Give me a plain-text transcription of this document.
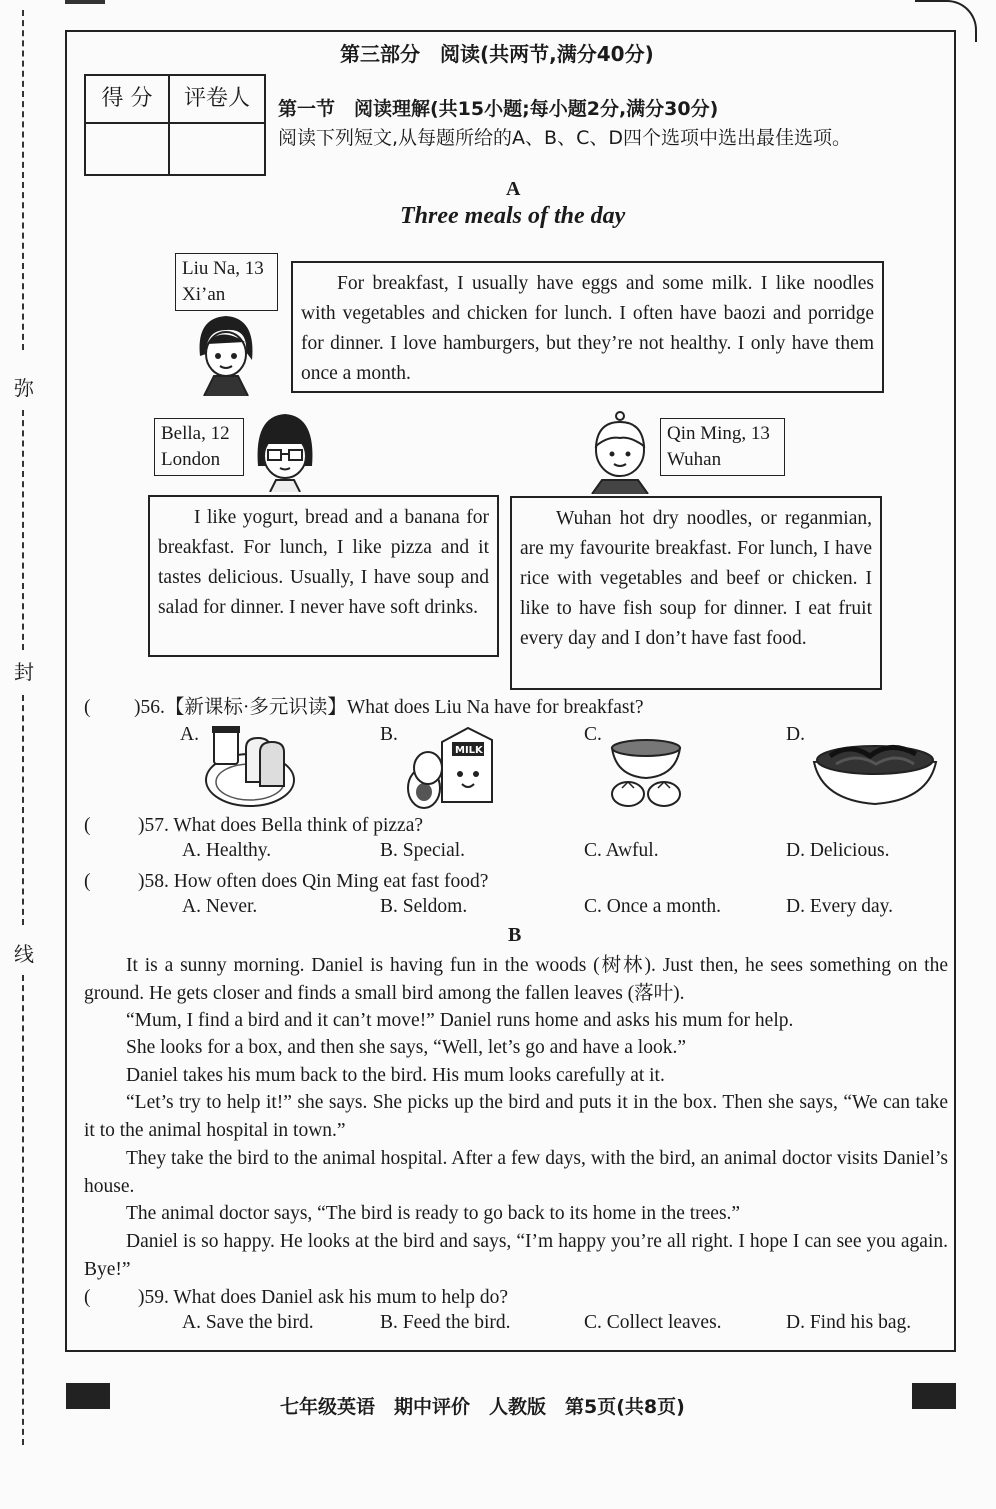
弥
封
线
第三部分　阅读(共两节,满分40分)
得 分	评卷人	第一节　阅读理解(共15小题;每小题2分,满分30分)
阅读下列短文,从每题所给的A、B、C、D四个选项中选出最佳选项。
A
Three meals of the day
Liu Na, 13
Xi’an
For breakfast, I usually have eggs and some milk. I like noodles with vegetables and chicken for lunch. I often have baozi and porridge for dinner. I love hamburgers, but they’re not healthy. I only have them once a month.
Bella, 12
London
I like yogurt, bread and a banana for breakfast. For lunch, I like pizza and it tastes delicious. Usually, I have soup and salad for dinner. I never have soft drinks.
Qin Ming, 13
Wuhan
Wuhan hot dry noodles, or reganmian, are my favourite breakfast. For lunch, I have rice with vegetables and beef or chicken. I like to have fish soup for dinner. I eat fruit every day and I don’t have fast food.
( )56.【新课标·多元识读】What does Liu Na have for breakfast?
A.	B.	C.	D.
MILK
( )57. What does Bella think of pizza?
A. Healthy.	B. Special.	C. Awful.	D. Delicious.
( )58. How often does Qin Ming eat fast food?
A. Never.	B. Seldom.	C. Once a month.	D. Every day.
B
It is a sunny morning. Daniel is having fun in the woods (树林). Just then, he sees something on the ground. He gets closer and finds a small bird among the fallen leaves (落叶).
“Mum, I find a bird and it can’t move!” Daniel runs home and asks his mum for help.
She looks for a box, and then she says, “Well, let’s go and have a look.”
Daniel takes his mum back to the bird. His mum looks carefully at it.
“Let’s try to help it!” she says. She picks up the bird and puts it in the box. Then she says, “We can take it to the animal hospital in town.”
They take the bird to the animal hospital. After a few days, with the bird, an animal doctor visits Daniel’s house.
The animal doctor says, “The bird is ready to go back to its home in the trees.”
Daniel is so happy. He looks at the bird and says, “I’m happy you’re all right. I hope I can see you again. Bye!”
( )59. What does Daniel ask his mum to help do?
A. Save the bird.	B. Feed the bird.	C. Collect leaves.	D. Find his bag.
七年级英语　期中评价　人教版　第5页(共8页)
